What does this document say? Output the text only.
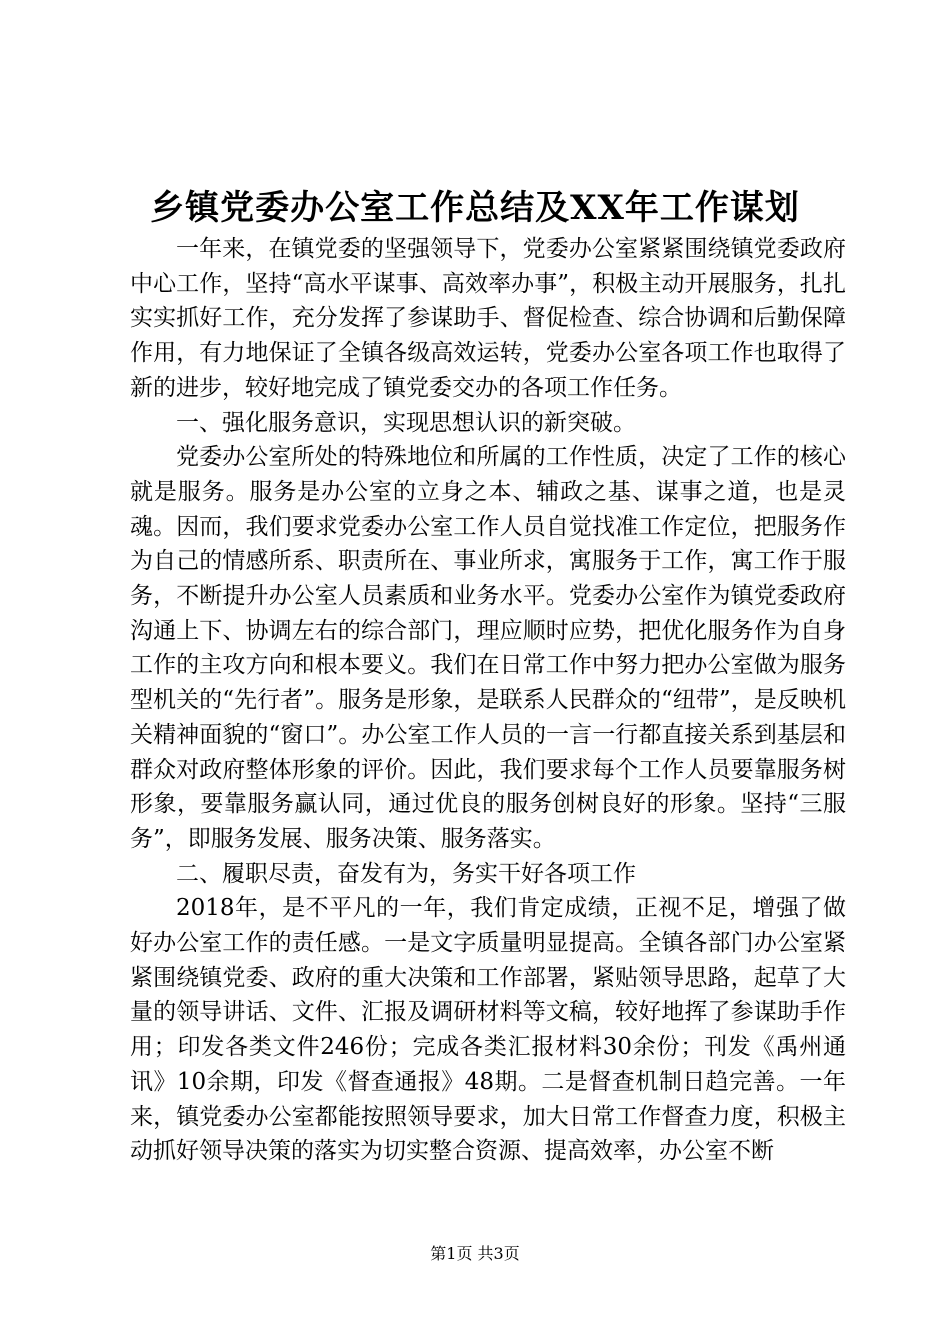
乡镇党委办公室工作总结及XX年工作谋划

一年来，在镇党委的坚强领导下，党委办公室紧紧围绕镇党委政府中心工作，坚持“高水平谋事、高效率办事”，积极主动开展服务，扎扎实实抓好工作，充分发挥了参谋助手、督促检查、综合协调和后勤保障作用，有力地保证了全镇各级高效运转，党委办公室各项工作也取得了新的进步，较好地完成了镇党委交办的各项工作任务。

一、强化服务意识，实现思想认识的新突破。

党委办公室所处的特殊地位和所属的工作性质，决定了工作的核心就是服务。服务是办公室的立身之本、辅政之基、谋事之道，也是灵魂。因而，我们要求党委办公室工作人员自觉找准工作定位，把服务作为自己的情感所系、职责所在、事业所求，寓服务于工作，寓工作于服务，不断提升办公室人员素质和业务水平。党委办公室作为镇党委政府沟通上下、协调左右的综合部门，理应顺时应势，把优化服务作为自身工作的主攻方向和根本要义。我们在日常工作中努力把办公室做为服务型机关的“先行者”。服务是形象，是联系人民群众的“纽带”，是反映机关精神面貌的“窗口”。办公室工作人员的一言一行都直接关系到基层和群众对政府整体形象的评价。因此，我们要求每个工作人员要靠服务树形象，要靠服务赢认同，通过优良的服务创树良好的形象。坚持“三服务”，即服务发展、服务决策、服务落实。

二、履职尽责，奋发有为，务实干好各项工作

2018年，是不平凡的一年，我们肯定成绩，正视不足，增强了做好办公室工作的责任感。一是文字质量明显提高。全镇各部门办公室紧紧围绕镇党委、政府的重大决策和工作部署，紧贴领导思路，起草了大量的领导讲话、文件、汇报及调研材料等文稿，较好地挥了参谋助手作用；印发各类文件246份；完成各类汇报材料30余份；刊发《禹州通讯》10余期，印发《督查通报》48期。二是督查机制日趋完善。一年来，镇党委办公室都能按照领导要求，加大日常工作督查力度，积极主动抓好领导决策的落实为切实整合资源、提高效率，办公室不断

第1页 共3页
